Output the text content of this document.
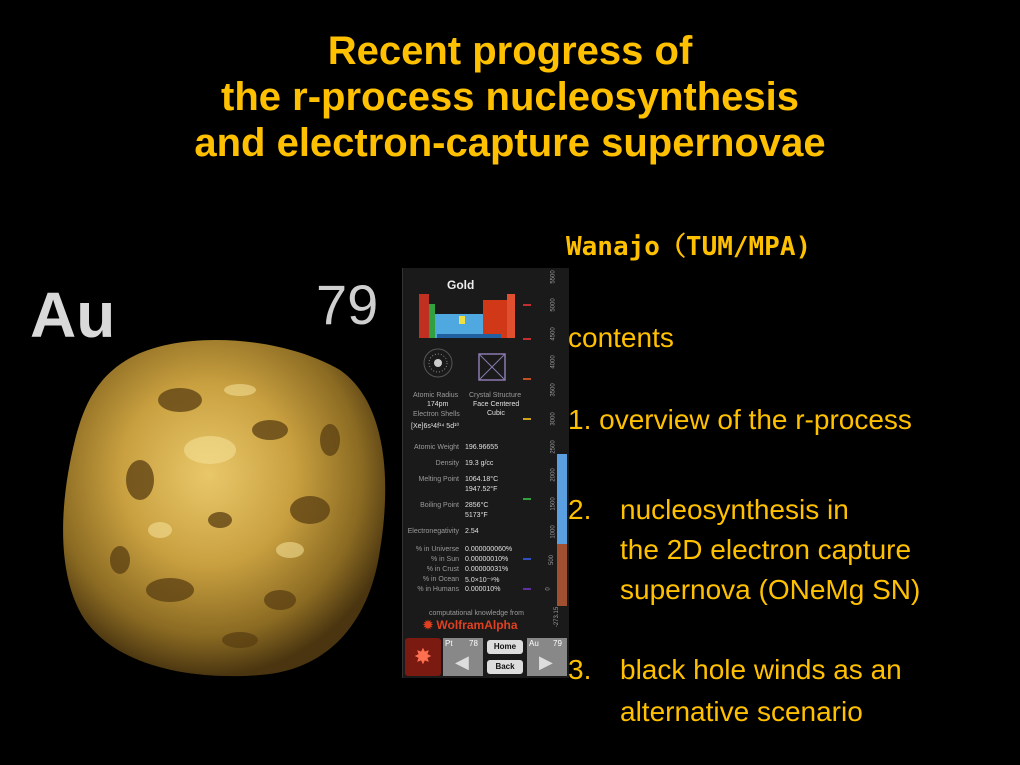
Recent progress of
the r-process nucleosynthesis
and electron-capture supernovae
Wanajo（TUM/MPA)
Au	79	Gold
Atomic Radius
174pm
Crystal Structure
Face Centered
Cubic
Electron Shells
[Xe]6s¹4f¹⁴ 5d¹⁰
Atomic Weight 196.96655
Density 19.3 g/cc
Melting Point 1064.18°C
1947.52°F
Boiling Point 2856°C
5173°F
Electronegativity 2.54
% in Universe 0.000000060%
% in Sun 0.00000010%
% in Crust 0.00000031%
% in Ocean 5.0×10⁻⁹%
% in Humans 0.000010%
computational knowledge from
✹ WolframAlpha
✸
Pt 78
◀
Home
Back
Au 79
▶
5500
5000
4500
4000
3500
3000
2500
2000
1500
1000
500
0
-273.15
contents
1. overview of the r-process
2. nucleosynthesis in
the 2D electron capture
supernova (ONeMg SN)
3. black hole winds as an
alternative scenario
